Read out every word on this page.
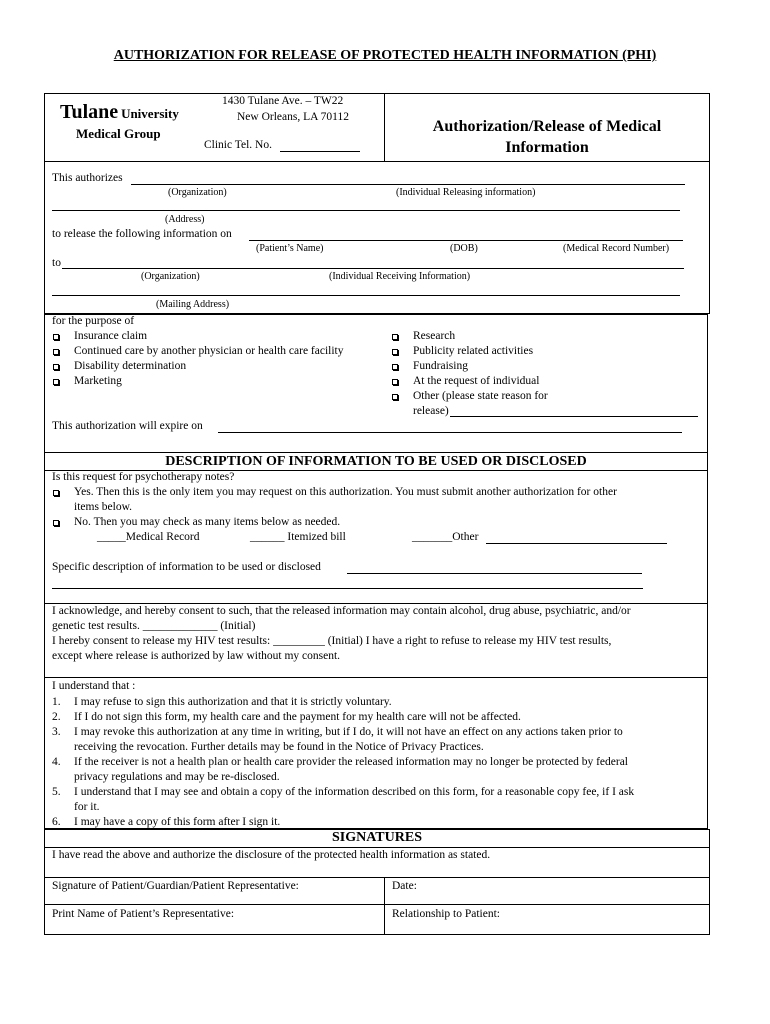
AUTHORIZATION FOR RELEASE OF PROTECTED HEALTH INFORMATION (PHI)
Tulane University
Medical Group
1430 Tulane Ave. – TW22
New Orleans, LA 70112
Clinic Tel. No.
Authorization/Release of Medical
Information
This authorizes
(Organization)	(Individual Releasing information)
(Address)
to release the following information on
(Patient’s Name)	(DOB)	(Medical Record Number)
to
(Organization)	(Individual Receiving Information)
(Mailing Address)
for the purpose of
Insurance claim
Continued care by another physician or health care facility
Disability determination
Marketing
Research
Publicity related activities
Fundraising
At the request of individual
Other (please state reason for
release)
This authorization will expire on
DESCRIPTION OF INFORMATION TO BE USED OR DISCLOSED
Is this request for psychotherapy notes?
Yes. Then this is the only item you may request on this authorization. You must submit another authorization for other
items below.
No. Then you may check as many items below as needed.
_____Medical Record	______ Itemized bill	_______Other
Specific description of information to be used or disclosed
I acknowledge, and hereby consent to such, that the released information may contain alcohol, drug abuse, psychiatric, and/or
genetic test results. _____________ (Initial)
I hereby consent to release my HIV test results: _________ (Initial) I have a right to refuse to release my HIV test results,
except where release is authorized by law without my consent.
I understand that :
1. I may refuse to sign this authorization and that it is strictly voluntary.
2. If I do not sign this form, my health care and the payment for my health care will not be affected.
3. I may revoke this authorization at any time in writing, but if I do, it will not have an effect on any actions taken prior to
receiving the revocation. Further details may be found in the Notice of Privacy Practices.
4. If the receiver is not a health plan or health care provider the released information may no longer be protected by federal
privacy regulations and may be re-disclosed.
5. I understand that I may see and obtain a copy of the information described on this form, for a reasonable copy fee, if I ask
for it.
6. I may have a copy of this form after I sign it.
SIGNATURES
I have read the above and authorize the disclosure of the protected health information as stated.
Signature of Patient/Guardian/Patient Representative:	Date:
Print Name of Patient’s Representative:	Relationship to Patient:
